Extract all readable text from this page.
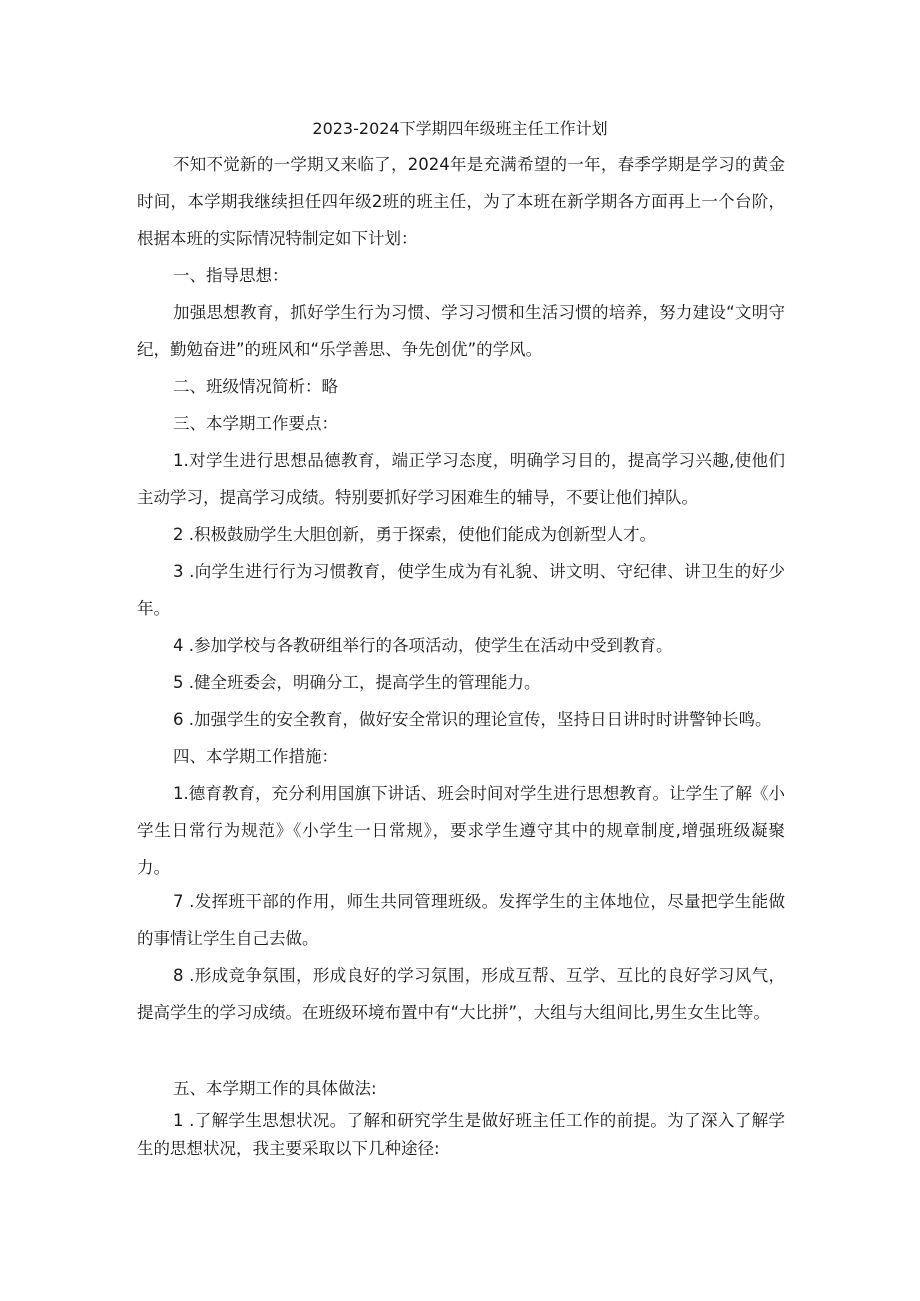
2023-2024下学期四年级班主任工作计划

不知不觉新的一学期又来临了，2024年是充满希望的一年，春季学期是学习的黄金时间，本学期我继续担任四年级2班的班主任，为了本班在新学期各方面再上一个台阶，根据本班的实际情况特制定如下计划：

一、指导思想：

加强思想教育，抓好学生行为习惯、学习习惯和生活习惯的培养，努力建设“文明守纪，勤勉奋进”的班风和“乐学善思、争先创优”的学风。

二、班级情况简析：略

三、本学期工作要点：

1.对学生进行思想品德教育，端正学习态度，明确学习目的，提高学习兴趣,使他们主动学习，提高学习成绩。特别要抓好学习困难生的辅导，不要让他们掉队。

2 .积极鼓励学生大胆创新，勇于探索，使他们能成为创新型人才。

3 .向学生进行行为习惯教育，使学生成为有礼貌、讲文明、守纪律、讲卫生的好少年。

4 .参加学校与各教研组举行的各项活动，使学生在活动中受到教育。

5 .健全班委会，明确分工，提高学生的管理能力。

6 .加强学生的安全教育，做好安全常识的理论宣传，坚持日日讲时时讲警钟长鸣。

四、本学期工作措施：

1.德育教育，充分利用国旗下讲话、班会时间对学生进行思想教育。让学生了解《小学生日常行为规范》《小学生一日常规》，要求学生遵守其中的规章制度,增强班级凝聚力。

7 .发挥班干部的作用，师生共同管理班级。发挥学生的主体地位，尽量把学生能做的事情让学生自己去做。

8 .形成竞争氛围，形成良好的学习氛围，形成互帮、互学、互比的良好学习风气，提高学生的学习成绩。在班级环境布置中有“大比拼”，大组与大组间比,男生女生比等。

五、本学期工作的具体做法:

1 .了解学生思想状况。了解和研究学生是做好班主任工作的前提。为了深入了解学生的思想状况，我主要采取以下几种途径:
